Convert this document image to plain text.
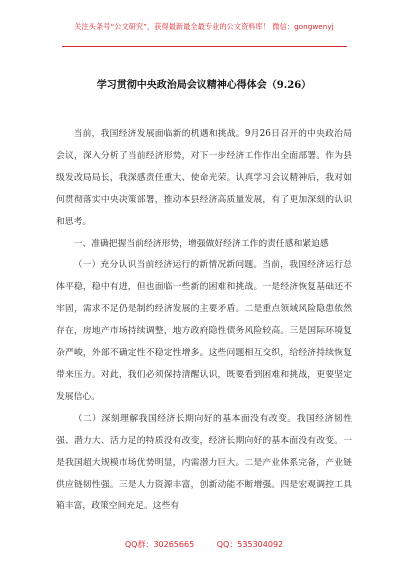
关注头条号“公文研究”，获得最新最全最专业的公文资料库！ 微信：gongwenyj
学习贯彻中央政治局会议精神心得体会（9.26）

当前，我国经济发展面临新的机遇和挑战。9月26日召开的中央政治局会议，深入分析了当前经济形势，对下一步经济工作作出全面部署。作为县级发改局局长，我深感责任重大、使命光荣。认真学习会议精神后，我对如何贯彻落实中央决策部署，推动本县经济高质量发展，有了更加深刻的认识和思考。

一、准确把握当前经济形势，增强做好经济工作的责任感和紧迫感

（一）充分认识当前经济运行的新情况新问题。当前，我国经济运行总体平稳，稳中有进，但也面临一些新的困难和挑战。一是经济恢复基础还不牢固，需求不足仍是制约经济发展的主要矛盾。二是重点领域风险隐患依然存在，房地产市场持续调整，地方政府隐性债务风险较高。三是国际环境复杂严峻，外部不确定性不稳定性增多。这些问题相互交织，给经济持续恢复带来压力。对此，我们必须保持清醒认识，既要看到困难和挑战，更要坚定发展信心。

（二）深刻理解我国经济长期向好的基本面没有改变。我国经济韧性强、潜力大、活力足的特质没有改变，经济长期向好的基本面没有改变。一是我国超大规模市场优势明显，内需潜力巨大。二是产业体系完备，产业链供应链韧性强。三是人力资源丰富，创新动能不断增强。四是宏观调控工具箱丰富，政策空间充足。这些有

QQ群：30265665	QQ：535304092
